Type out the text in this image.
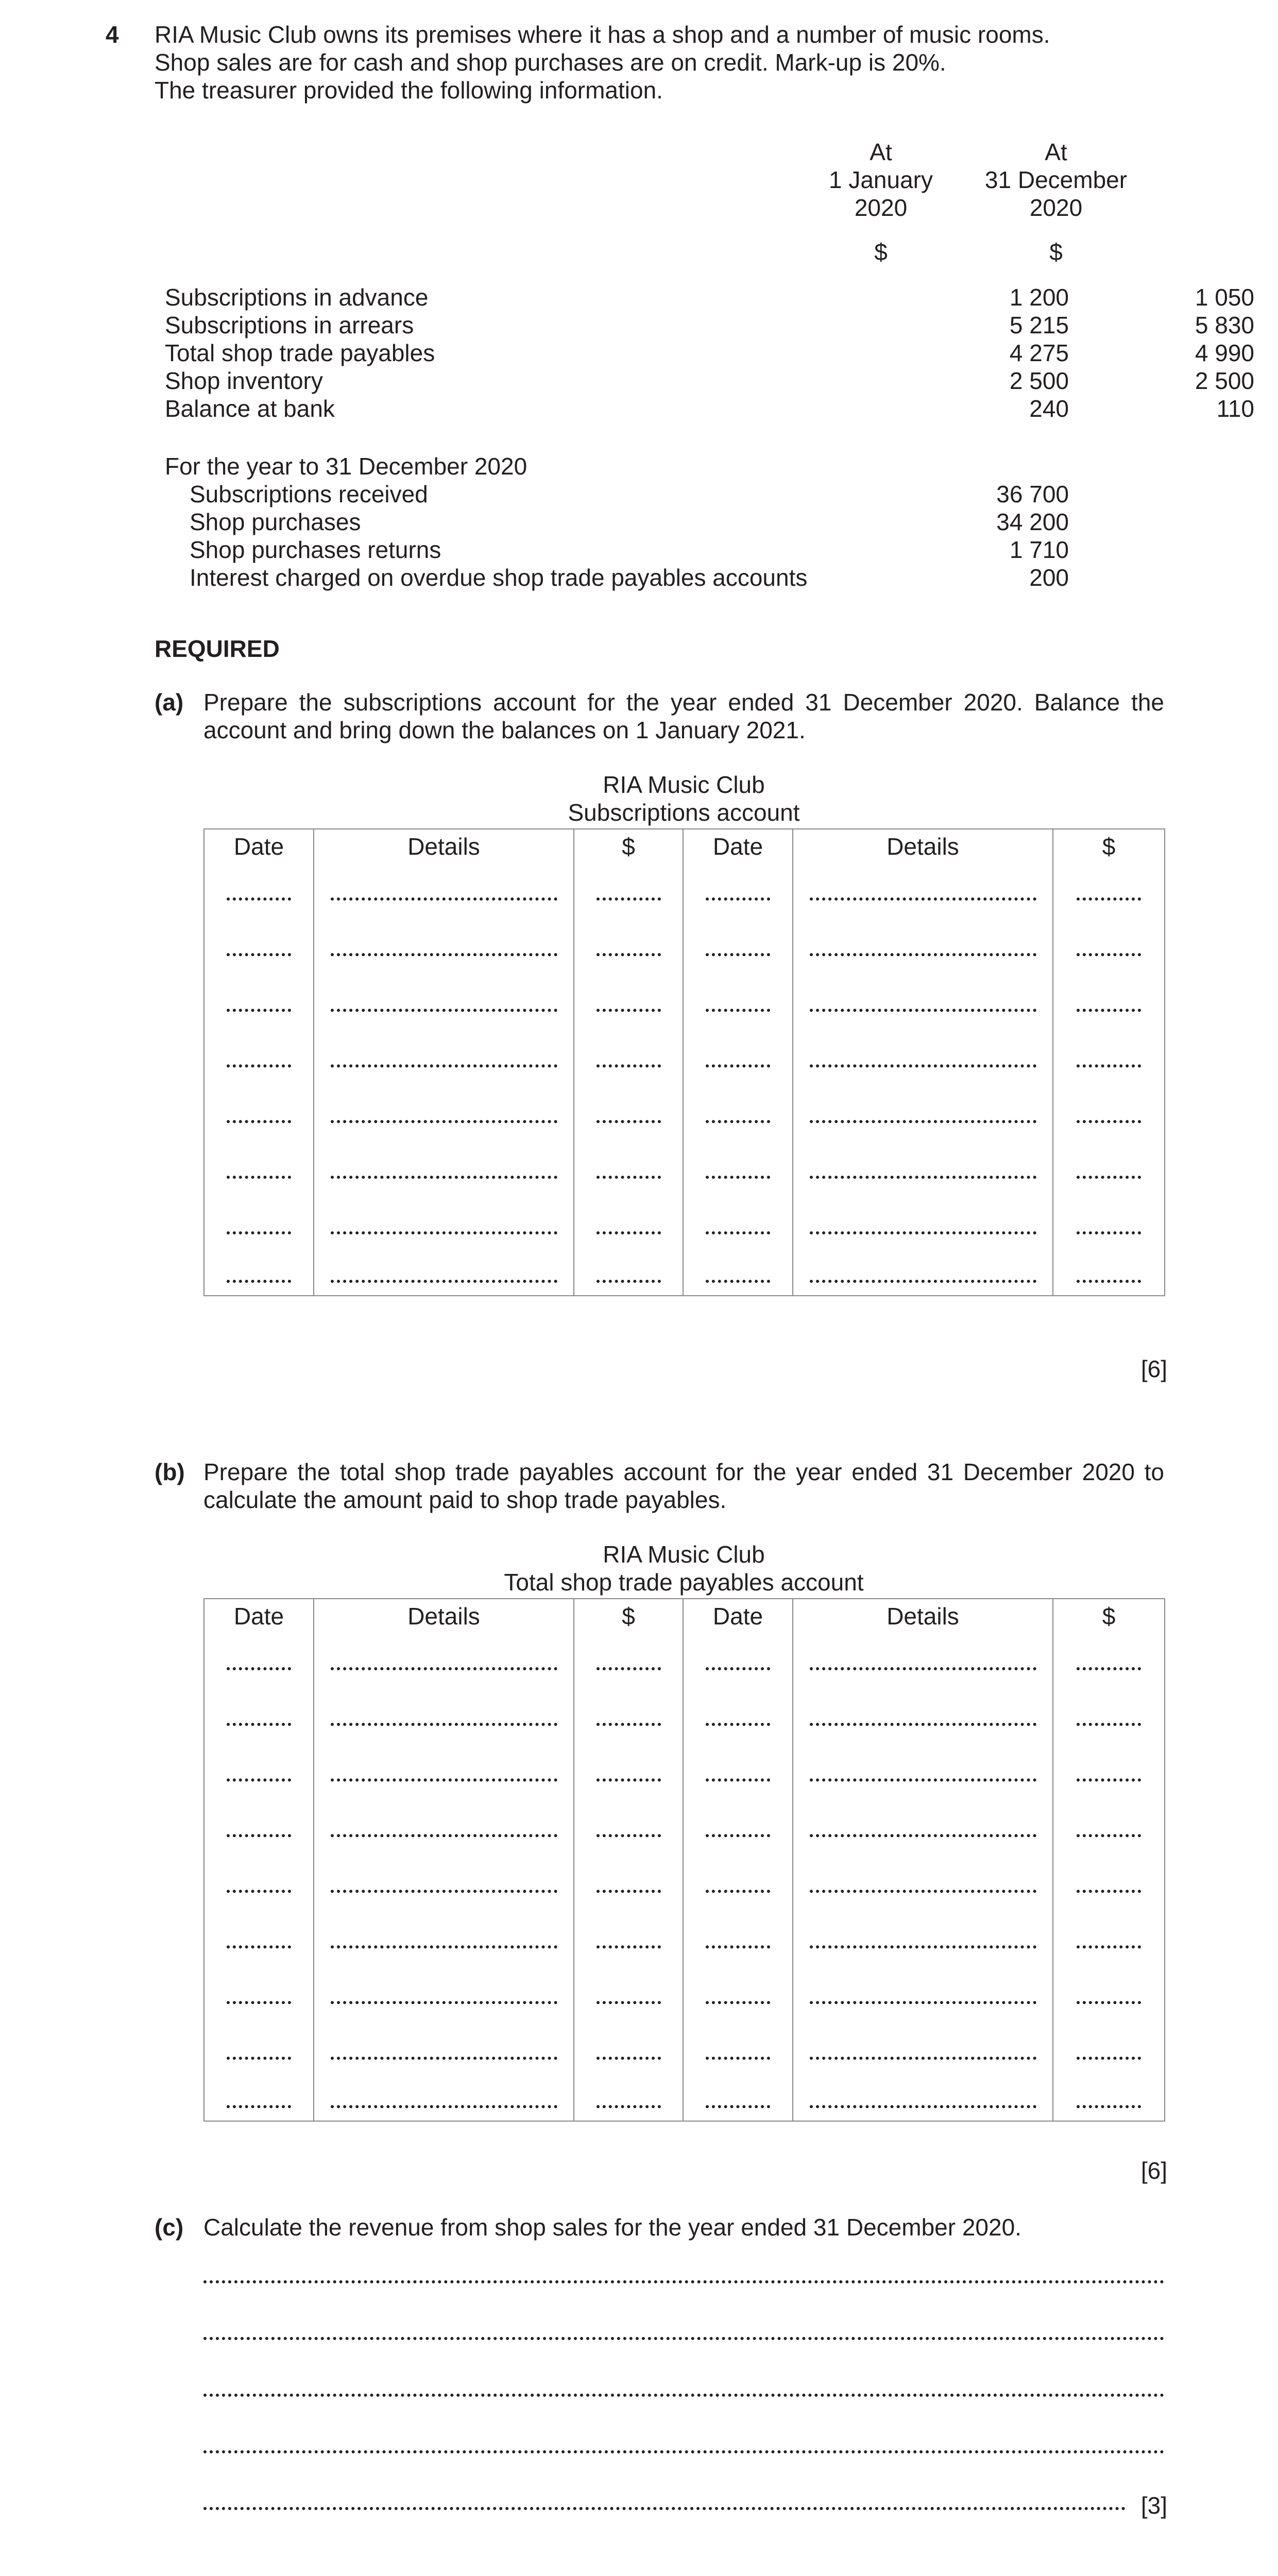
4 RIA Music Club owns its premises where it has a shop and a number of music rooms.
Shop sales are for cash and shop purchases are on credit. Mark-up is 20%.
The treasurer provided the following information.
At
1 January
2020
At
31 December
2020
$	$
Subscriptions in advance	1 200	1 050
Subscriptions in arrears	5 215	5 830
Total shop trade payables	4 275	4 990
Shop inventory	2 500	2 500
Balance at bank	240	110
For the year to 31 December 2020
Subscriptions received	36 700
Shop purchases	34 200
Shop purchases returns	1 710
Interest charged on overdue shop trade payables accounts	200
REQUIRED
(a) Prepare the subscriptions account for the year ended 31 December 2020. Balance the account and bring down the balances on 1 January 2021.
RIA Music Club
Subscriptions account
Date	Details	$	Date	Details	$

[6]
(b) Prepare the total shop trade payables account for the year ended 31 December 2020 to calculate the amount paid to shop trade payables.
RIA Music Club
Total shop trade payables account
Date	Details	$	Date	Details	$

[6]
(c) Calculate the revenue from shop sales for the year ended 31 December 2020.
[3]
